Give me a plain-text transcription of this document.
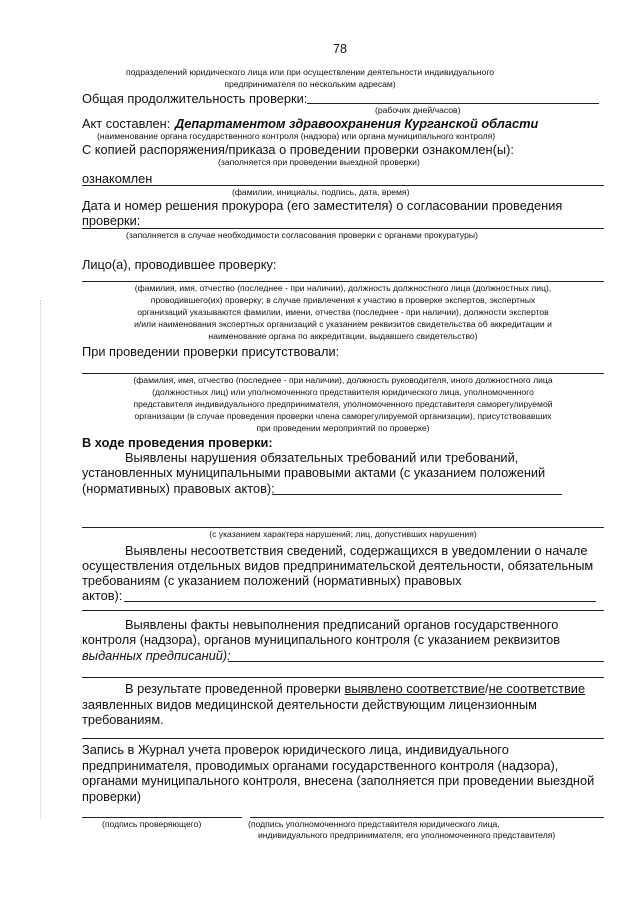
78
подразделений юридического лица или при осуществлении деятельности индивидуального
предпринимателя по нескольким адресам)
Общая продолжительность проверки:
(рабочих дней/часов)
Акт составлен: Департаментом здравоохранения Курганской области
(наименование органа государственного контроля (надзора) или органа муниципального контроля)
С копией распоряжения/приказа о проведении проверки ознакомлен(ы):
(заполняется при проведении выездной проверки)
ознакомлен
(фамилии, инициалы, подпись, дата, время)
Дата и номер решения прокурора (его заместителя) о согласовании проведения
проверки:
(заполняется в случае необходимости согласования проверки с органами прокуратуры)
Лицо(а), проводившее проверку:
(фамилия, имя, отчество (последнее - при наличии), должность должностного лица (должностных лиц),
проводившего(их) проверку; в случае привлечения к участию в проверке экспертов, экспертных
организаций указываются фамилии, имени, отчества (последнее - при наличии), должности экспертов
и/или наименования экспертных организаций с указанием реквизитов свидетельства об аккредитации и
наименование органа по аккредитации, выдавшего свидетельство)
При проведении проверки присутствовали:
(фамилия, имя, отчество (последнее - при наличии), должность руководителя, иного должностного лица
(должностных лиц) или уполномоченного представителя юридического лица, уполномоченного
представителя индивидуального предпринимателя, уполномоченного представителя саморегулируемой
организации (в случае проведения проверки члена саморегулируемой организации), присутствовавших
при проведении мероприятий по проверке)
В ходе проведения проверки:
Выявлены нарушения обязательных требований или требований,
установленных муниципальными правовыми актами (с указанием положений
(нормативных) правовых актов):
(с указанием характера нарушений; лиц, допустивших нарушения)
Выявлены несоответствия сведений, содержащихся в уведомлении о начале
осуществления отдельных видов предпринимательской деятельности, обязательным
требованиям (с указанием положений (нормативных) правовых
актов):
Выявлены факты невыполнения предписаний органов государственного
контроля (надзора), органов муниципального контроля (с указанием реквизитов
выданных предписаний):
В результате проведенной проверки выявлено соответствие/не соответствие
заявленных видов медицинской деятельности действующим лицензионным
требованиям.
Запись в Журнал учета проверок юридического лица, индивидуального
предпринимателя, проводимых органами государственного контроля (надзора),
органами муниципального контроля, внесена (заполняется при проведении выездной
проверки)
(подпись проверяющего)	(подпись уполномоченного представителя юридического лица,
индивидуального предпринимателя, его уполномоченного представителя)
